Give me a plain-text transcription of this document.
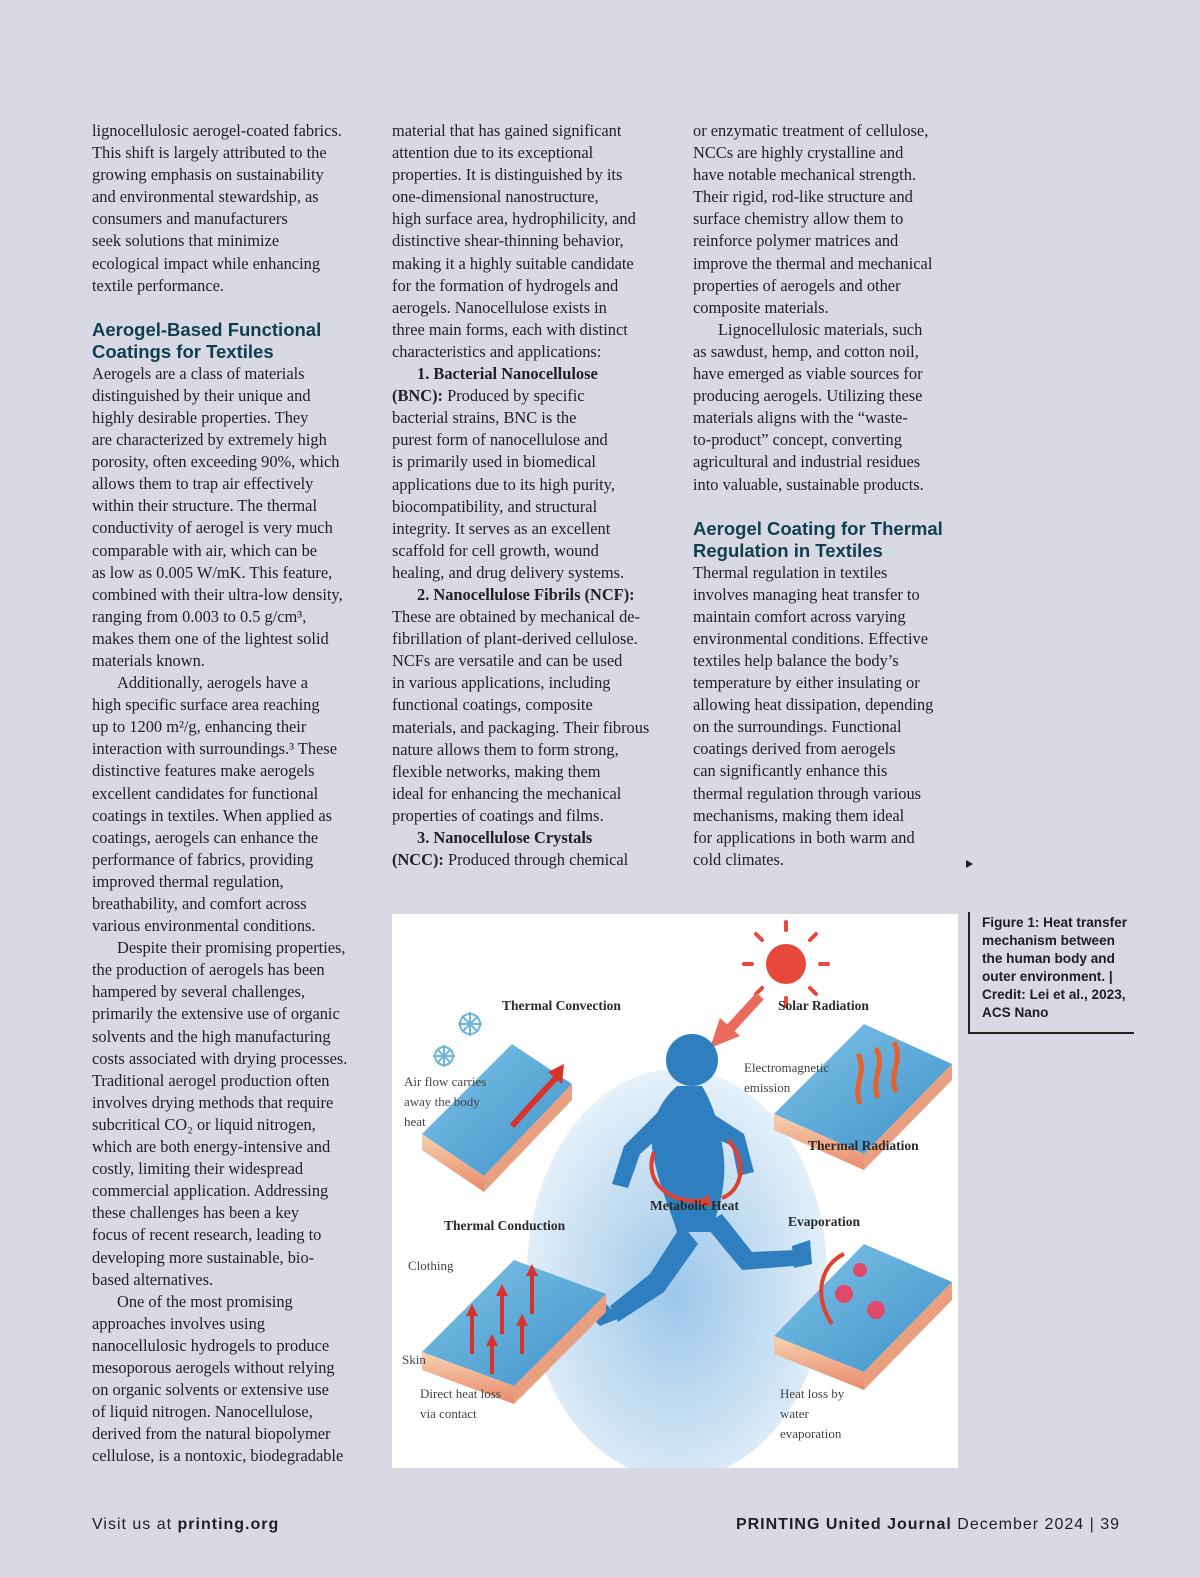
lignocellulosic aerogel-coated fabrics.
This shift is largely attributed to the
growing emphasis on sustainability
and environmental stewardship, as
consumers and manufacturers
seek solutions that minimize
ecological impact while enhancing
textile performance.

Aerogel-Based Functional
Coatings for Textiles

Aerogels are a class of materials
distinguished by their unique and
highly desirable properties. They
are characterized by extremely high
porosity, often exceeding 90%, which
allows them to trap air effectively
within their structure. The thermal
conductivity of aerogel is very much
comparable with air, which can be
as low as 0.005 W/mK. This feature,
combined with their ultra-low density,
ranging from 0.003 to 0.5 g/cm³,
makes them one of the lightest solid
materials known.

Additionally, aerogels have a
high specific surface area reaching
up to 1200 m²/g, enhancing their
interaction with surroundings.³ These
distinctive features make aerogels
excellent candidates for functional
coatings in textiles. When applied as
coatings, aerogels can enhance the
performance of fabrics, providing
improved thermal regulation,
breathability, and comfort across
various environmental conditions.

Despite their promising properties,
the production of aerogels has been
hampered by several challenges,
primarily the extensive use of organic
solvents and the high manufacturing
costs associated with drying processes.
Traditional aerogel production often
involves drying methods that require
subcritical CO₂ or liquid nitrogen,
which are both energy-intensive and
costly, limiting their widespread
commercial application. Addressing
these challenges has been a key
focus of recent research, leading to
developing more sustainable, bio-
based alternatives.

One of the most promising
approaches involves using
nanocellulosic hydrogels to produce
mesoporous aerogels without relying
on organic solvents or extensive use
of liquid nitrogen. Nanocellulose,
derived from the natural biopolymer
cellulose, is a nontoxic, biodegradable

material that has gained significant
attention due to its exceptional
properties. It is distinguished by its
one-dimensional nanostructure,
high surface area, hydrophilicity, and
distinctive shear-thinning behavior,
making it a highly suitable candidate
for the formation of hydrogels and
aerogels. Nanocellulose exists in
three main forms, each with distinct
characteristics and applications:

1. Bacterial Nanocellulose
(BNC): Produced by specific
bacterial strains, BNC is the
purest form of nanocellulose and
is primarily used in biomedical
applications due to its high purity,
biocompatibility, and structural
integrity. It serves as an excellent
scaffold for cell growth, wound
healing, and drug delivery systems.

2. Nanocellulose Fibrils (NCF):
These are obtained by mechanical de-
fibrillation of plant-derived cellulose.
NCFs are versatile and can be used
in various applications, including
functional coatings, composite
materials, and packaging. Their fibrous
nature allows them to form strong,
flexible networks, making them
ideal for enhancing the mechanical
properties of coatings and films.

3. Nanocellulose Crystals
(NCC): Produced through chemical

or enzymatic treatment of cellulose,
NCCs are highly crystalline and
have notable mechanical strength.
Their rigid, rod-like structure and
surface chemistry allow them to
reinforce polymer matrices and
improve the thermal and mechanical
properties of aerogels and other
composite materials.

Lignocellulosic materials, such
as sawdust, hemp, and cotton noil,
have emerged as viable sources for
producing aerogels. Utilizing these
materials aligns with the “waste-
to-product” concept, converting
agricultural and industrial residues
into valuable, sustainable products.

Aerogel Coating for Thermal
Regulation in Textiles

Thermal regulation in textiles
involves managing heat transfer to
maintain comfort across varying
environmental conditions. Effective
textiles help balance the body’s
temperature by either insulating or
allowing heat dissipation, depending
on the surroundings. Functional
coatings derived from aerogels
can significantly enhance this
thermal regulation through various
mechanisms, making them ideal
for applications in both warm and
cold climates.

Thermal Convection	Solar Radiation
Thermal Radiation
Metabolic Heat
Thermal Conduction	Evaporation
Air flow carries
away the body
heat
Electromagnetic
emission
Clothing
Skin
Direct heat loss
via contact
Heat loss by
water
evaporation
Figure 1: Heat transfer mechanism between the human body and outer environment. | Credit: Lei et al., 2023, ACS Nano
Visit us at printing.org	PRINTING United Journal December 2024 | 39
